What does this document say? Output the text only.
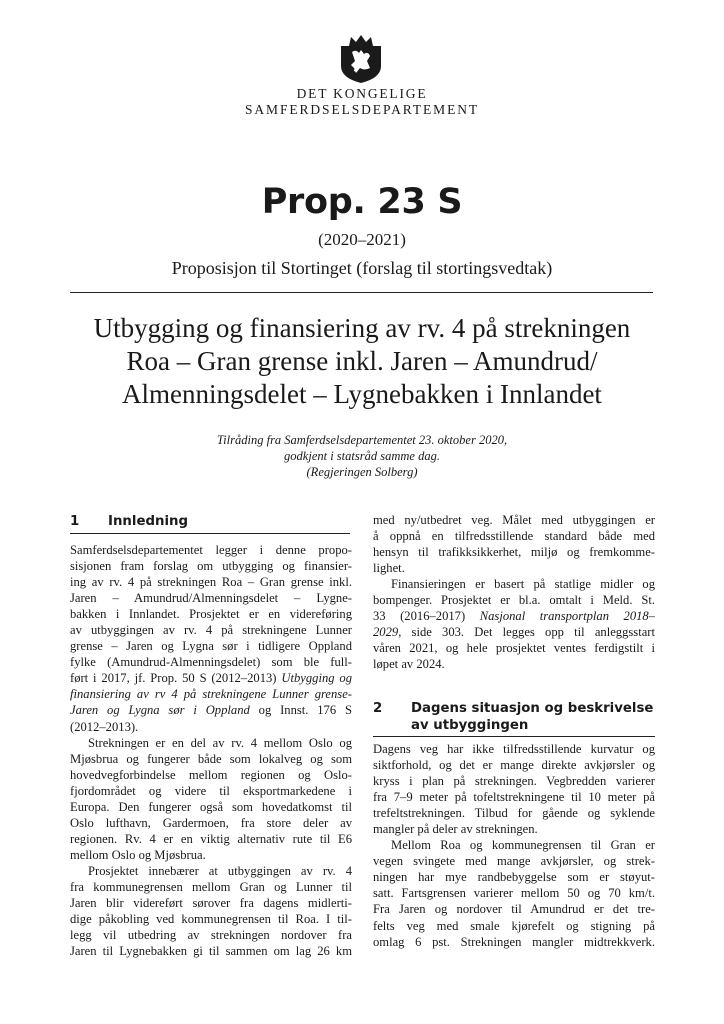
DET KONGELIGE
SAMFERDSELSDEPARTEMENT
Prop. 23 S
(2020–2021)
Proposisjon til Stortinget (forslag til stortingsvedtak)
Utbygging og finansiering av rv. 4 på strekningen
Roa – Gran grense inkl. Jaren – Amundrud/
Almenningsdelet – Lygnebakken i Innlandet
Tilråding fra Samferdselsdepartementet 23. oktober 2020,
godkjent i statsråd samme dag.
(Regjeringen Solberg)
1 Innledning
Samferdselsdepartementet legger i denne propo-
sisjonen fram forslag om utbygging og finansier-
ing av rv. 4 på strekningen Roa – Gran grense inkl.
Jaren – Amundrud/Almenningsdelet – Lygne-
bakken i Innlandet. Prosjektet er en videreføring
av utbyggingen av rv. 4 på strekningene Lunner
grense – Jaren og Lygna sør i tidligere Oppland
fylke (Amundrud-Almenningsdelet) som ble full-
ført i 2017, jf. Prop. 50 S (2012–2013) Utbygging og
finansiering av rv 4 på strekningene Lunner grense-
Jaren og Lygna sør i Oppland og Innst. 176 S
(2012–2013).
Strekningen er en del av rv. 4 mellom Oslo og
Mjøsbrua og fungerer både som lokalveg og som
hovedvegforbindelse mellom regionen og Oslo-
fjordområdet og videre til eksportmarkedene i
Europa. Den fungerer også som hovedatkomst til
Oslo lufthavn, Gardermoen, fra store deler av
regionen. Rv. 4 er en viktig alternativ rute til E6
mellom Oslo og Mjøsbrua.
Prosjektet innebærer at utbyggingen av rv. 4
fra kommunegrensen mellom Gran og Lunner til
Jaren blir videreført sørover fra dagens midlerti-
dige påkobling ved kommunegrensen til Roa. I til-
legg vil utbedring av strekningen nordover fra
Jaren til Lygnebakken gi til sammen om lag 26 km
med ny/utbedret veg. Målet med utbyggingen er
å oppnå en tilfredsstillende standard både med
hensyn til trafikksikkerhet, miljø og fremkomme-
lighet.
Finansieringen er basert på statlige midler og
bompenger. Prosjektet er bl.a. omtalt i Meld. St.
33 (2016–2017) Nasjonal transportplan 2018–
2029, side 303. Det legges opp til anleggsstart
våren 2021, og hele prosjektet ventes ferdigstilt i
løpet av 2024.
2 Dagens situasjon og beskrivelse av utbyggingen
Dagens veg har ikke tilfredsstillende kurvatur og
siktforhold, og det er mange direkte avkjørsler og
kryss i plan på strekningen. Vegbredden varierer
fra 7–9 meter på tofeltstrekningene til 10 meter på
trefeltstrekningen. Tilbud for gående og syklende
mangler på deler av strekningen.
Mellom Roa og kommunegrensen til Gran er
vegen svingete med mange avkjørsler, og strek-
ningen har mye randbebyggelse som er støyut-
satt. Fartsgrensen varierer mellom 50 og 70 km/t.
Fra Jaren og nordover til Amundrud er det tre-
felts veg med smale kjørefelt og stigning på
omlag 6 pst. Strekningen mangler midtrekkverk.
